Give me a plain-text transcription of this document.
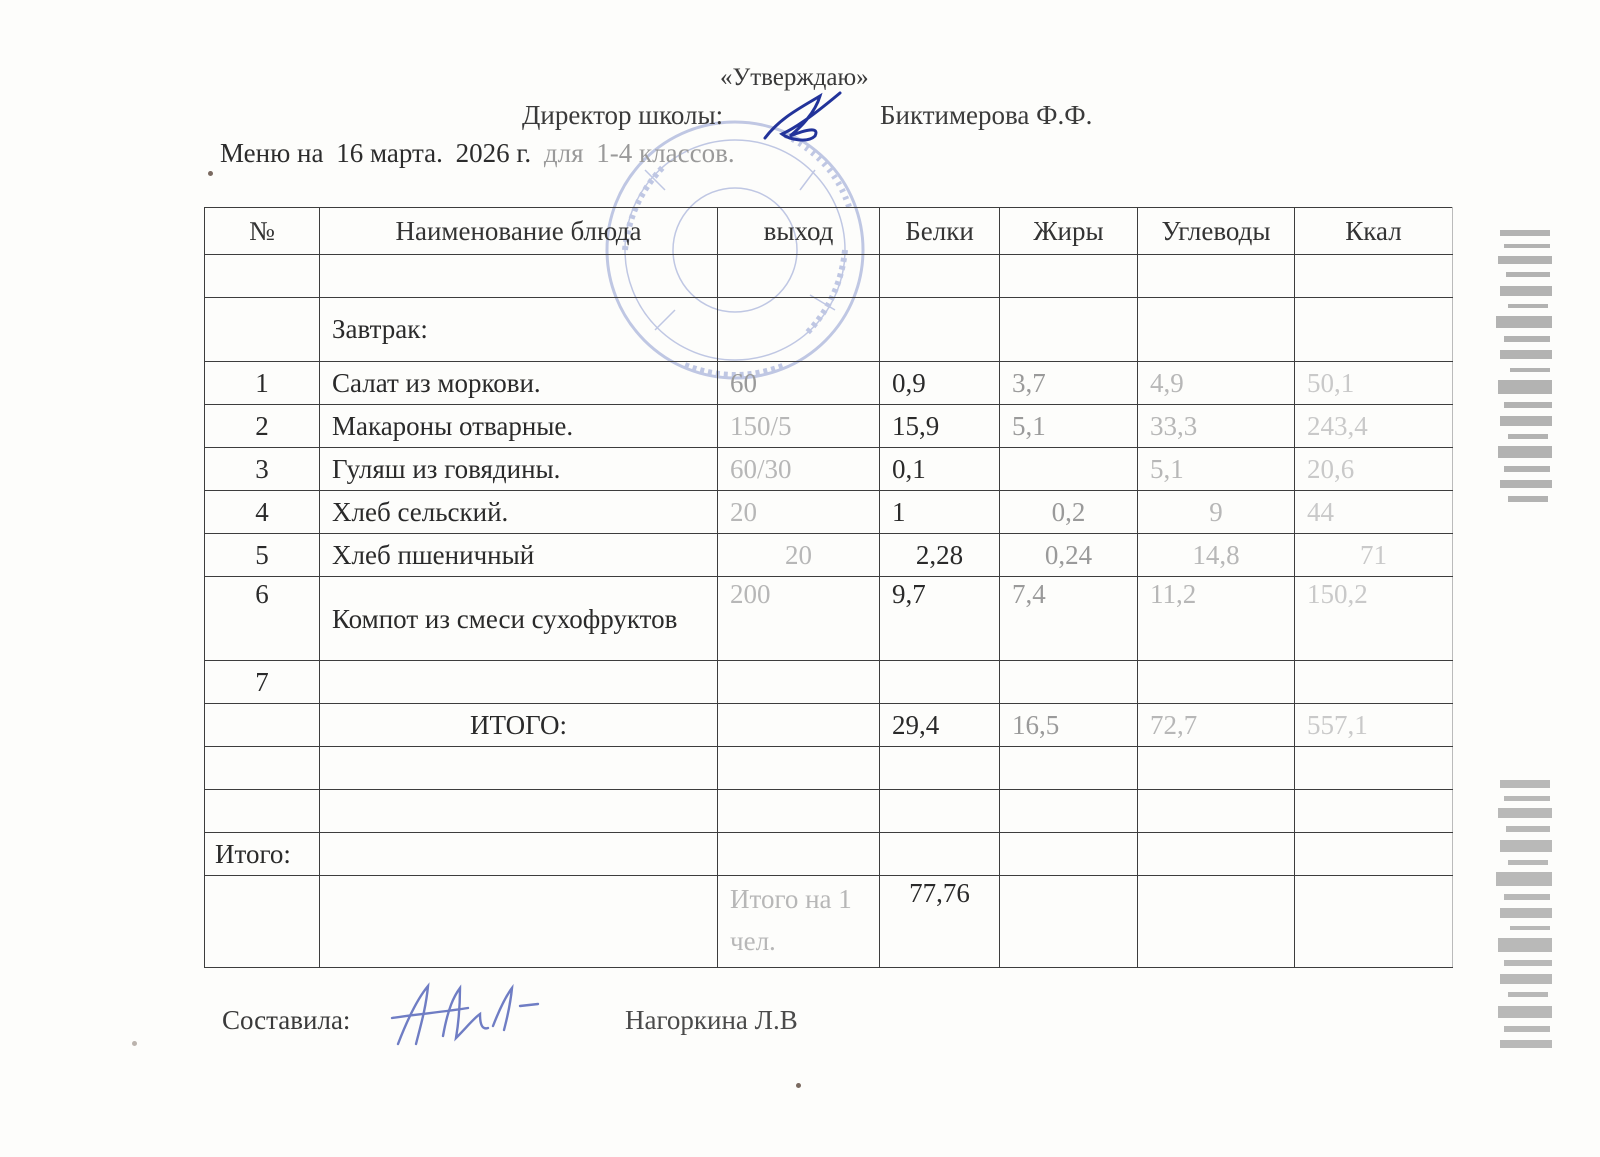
«Утверждаю»
Директор школы:	Биктимерова Ф.Ф.
Меню на 16 марта. 2026 г. для 1-4 классов.
№	Наименование блюда	выход	Белки	Жиры	Углеводы	Ккал

	Завтрак:					
1	Салат из моркови.	60	0,9	3,7	4,9	50,1
2	Макароны отварные.	150/5	15,9	5,1	33,3	243,4
3	Гуляш из говядины.	60/30	0,1		5,1	20,6
4	Хлеб сельский.	20	1	0,2	9	44
5	Хлеб пшеничный	20	2,28	0,24	14,8	71
6	Компот из смеси сухофруктов	200	9,7	7,4	11,2	150,2
7						
	ИТОГО:		29,4	16,5	72,7	557,1

Итого:						
		Итого на 1 чел.	77,76			
Составила:	Нагоркина Л.В
